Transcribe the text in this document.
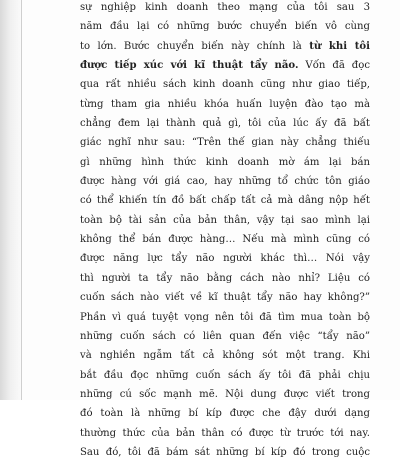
sự nghiệp kinh doanh theo mạng của tôi sau 3
năm đầu lại có những bước chuyển biến vô cùng
to lớn. Bước chuyển biến này chính là từ khi tôi
được tiếp xúc với kĩ thuật tẩy não. Vốn đã đọc
qua rất nhiều sách kinh doanh cũng như giao tiếp,
từng tham gia nhiều khóa huấn luyện đào tạo mà
chẳng đem lại thành quả gì, tôi của lúc ấy đã bất
giác nghĩ như sau: “Trên thế gian này chẳng thiếu
gì những hình thức kinh doanh mờ ám lại bán
được hàng với giá cao, hay những tổ chức tôn giáo
có thể khiến tín đồ bất chấp tất cả mà dâng nộp hết
toàn bộ tài sản của bản thân, vậy tại sao mình lại
không thể bán được hàng… Nếu mà mình cũng có
được năng lực tẩy não người khác thì… Nói vậy
thì người ta tẩy não bằng cách nào nhỉ? Liệu có
cuốn sách nào viết về kĩ thuật tẩy não hay không?”
Phần vì quá tuyệt vọng nên tôi đã tìm mua toàn bộ
những cuốn sách có liên quan đến việc “tẩy não”
và nghiền ngẫm tất cả không sót một trang. Khi
bắt đầu đọc những cuốn sách ấy tôi đã phải chịu
những cú sốc mạnh mẽ. Nội dung được viết trong
đó toàn là những bí kíp được che đậy dưới dạng
thường thức của bản thân có được từ trước tới nay.
Sau đó, tôi đã bám sát những bí kíp đó trong cuộc
